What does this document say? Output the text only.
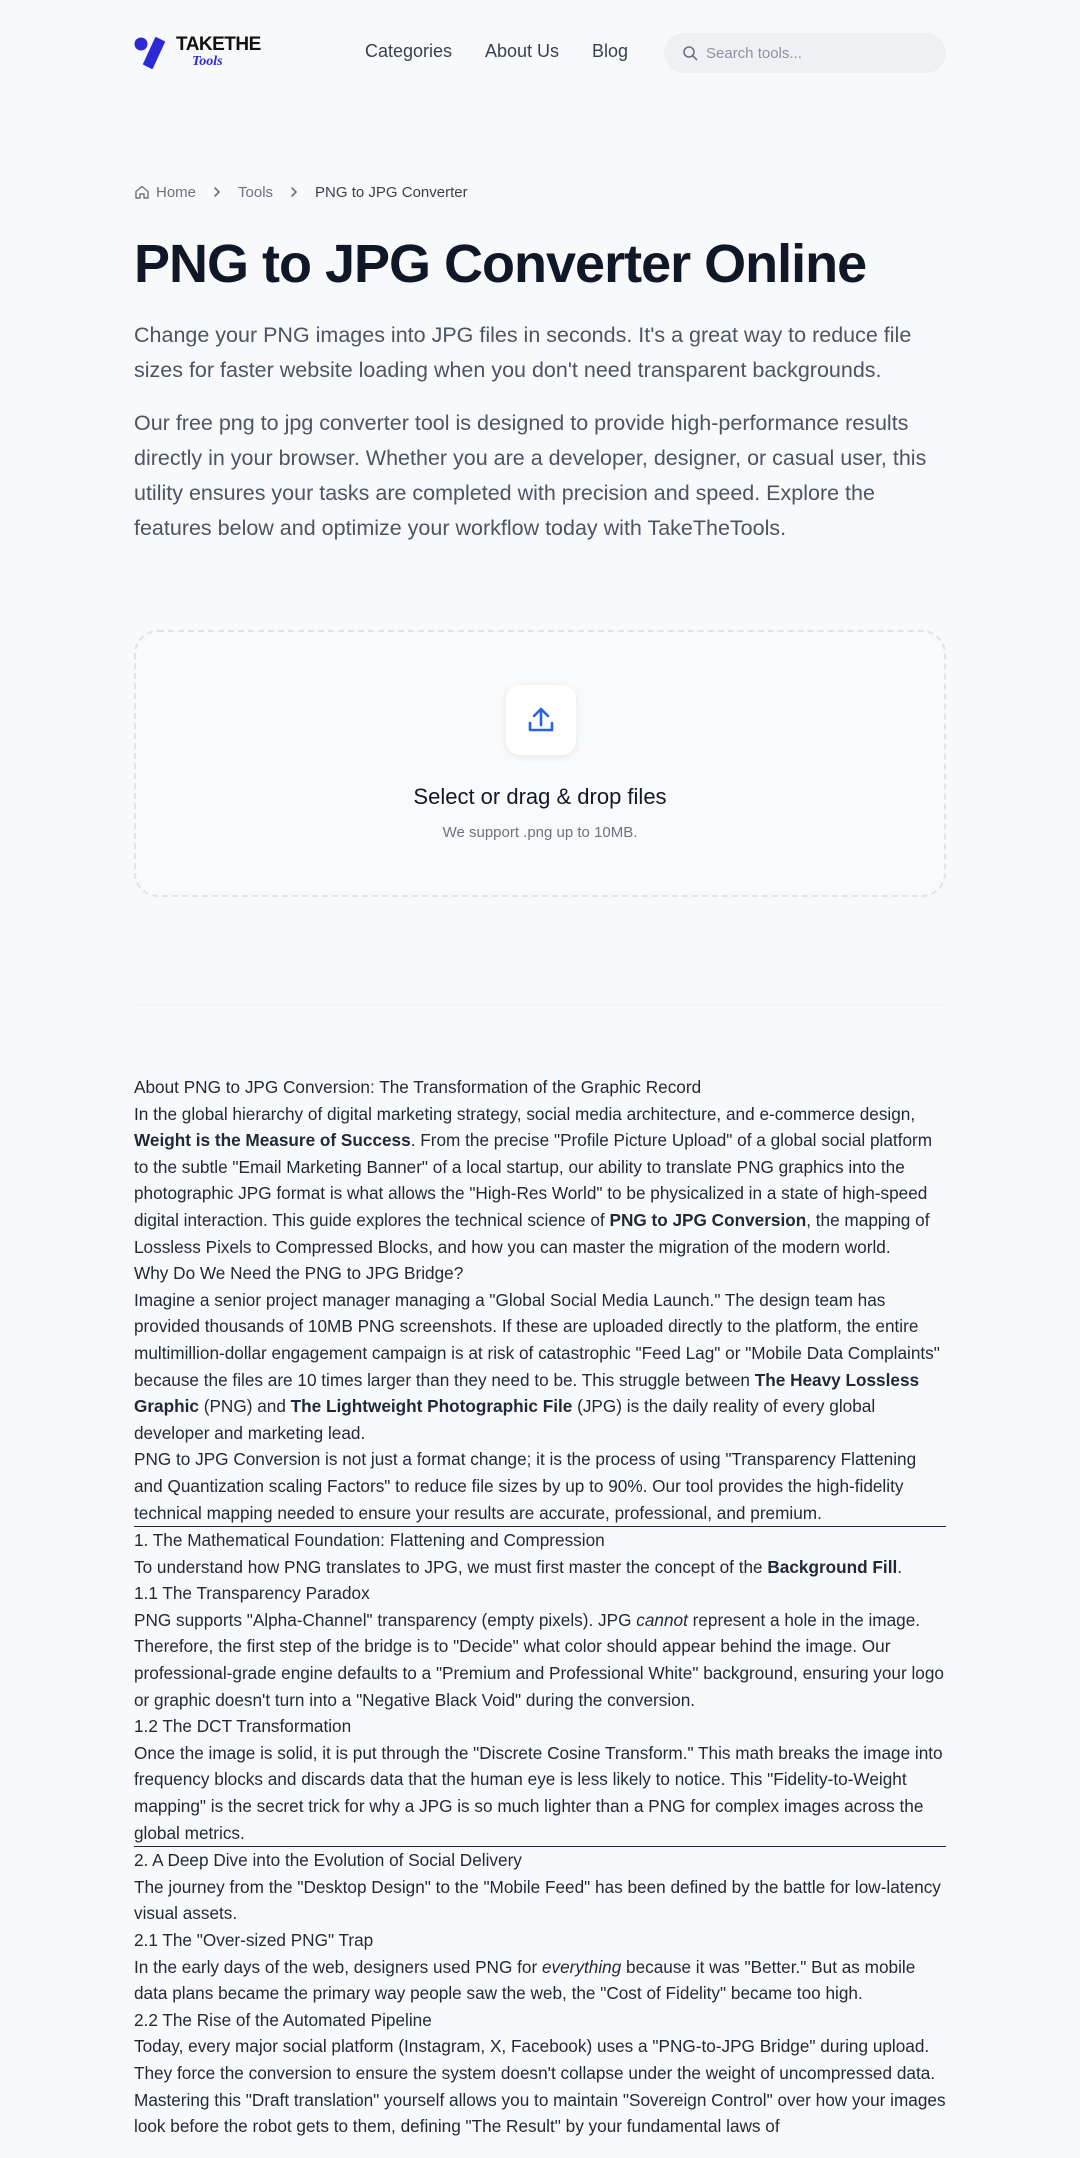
TAKETHE
Tools
Categories About Us Blog
Search tools...
Home	Tools	PNG to JPG Converter
PNG to JPG Converter Online

Change your PNG images into JPG files in seconds. It's a great way to reduce file sizes for faster website loading when you don't need transparent backgrounds.

Our free png to jpg converter tool is designed to provide high-performance results directly in your browser. Whether you are a developer, designer, or casual user, this utility ensures your tasks are completed with precision and speed. Explore the features below and optimize your workflow today with TakeTheTools.

Select or drag & drop files
We support .png up to 10MB.
About PNG to JPG Conversion: The Transformation of the Graphic Record

In the global hierarchy of digital marketing strategy, social media architecture, and e-commerce design, Weight is the Measure of Success. From the precise "Profile Picture Upload" of a global social platform to the subtle "Email Marketing Banner" of a local startup, our ability to translate PNG graphics into the photographic JPG format is what allows the "High-Res World" to be physicalized in a state of high-speed digital interaction. This guide explores the technical science of PNG to JPG Conversion, the mapping of Lossless Pixels to Compressed Blocks, and how you can master the migration of the modern world.

Why Do We Need the PNG to JPG Bridge?

Imagine a senior project manager managing a "Global Social Media Launch." The design team has provided thousands of 10MB PNG screenshots. If these are uploaded directly to the platform, the entire multimillion-dollar engagement campaign is at risk of catastrophic "Feed Lag" or "Mobile Data Complaints" because the files are 10 times larger than they need to be. This struggle between The Heavy Lossless Graphic (PNG) and The Lightweight Photographic File (JPG) is the daily reality of every global developer and marketing lead.

PNG to JPG Conversion is not just a format change; it is the process of using "Transparency Flattening and Quantization scaling Factors" to reduce file sizes by up to 90%. Our tool provides the high-fidelity technical mapping needed to ensure your results are accurate, professional, and premium.

1. The Mathematical Foundation: Flattening and Compression

To understand how PNG translates to JPG, we must first master the concept of the Background Fill.

1.1 The Transparency Paradox

PNG supports "Alpha-Channel" transparency (empty pixels). JPG cannot represent a hole in the image. Therefore, the first step of the bridge is to "Decide" what color should appear behind the image. Our professional-grade engine defaults to a "Premium and Professional White" background, ensuring your logo or graphic doesn't turn into a "Negative Black Void" during the conversion.

1.2 The DCT Transformation

Once the image is solid, it is put through the "Discrete Cosine Transform." This math breaks the image into frequency blocks and discards data that the human eye is less likely to notice. This "Fidelity-to-Weight mapping" is the secret trick for why a JPG is so much lighter than a PNG for complex images across the global metrics.

2. A Deep Dive into the Evolution of Social Delivery

The journey from the "Desktop Design" to the "Mobile Feed" has been defined by the battle for low-latency visual assets.

2.1 The "Over-sized PNG" Trap

In the early days of the web, designers used PNG for everything because it was "Better." But as mobile data plans became the primary way people saw the web, the "Cost of Fidelity" became too high.

2.2 The Rise of the Automated Pipeline

Today, every major social platform (Instagram, X, Facebook) uses a "PNG-to-JPG Bridge" during upload. They force the conversion to ensure the system doesn't collapse under the weight of uncompressed data. Mastering this "Draft translation" yourself allows you to maintain "Sovereign Control" over how your images look before the robot gets to them, defining "The Result" by your fundamental laws of
